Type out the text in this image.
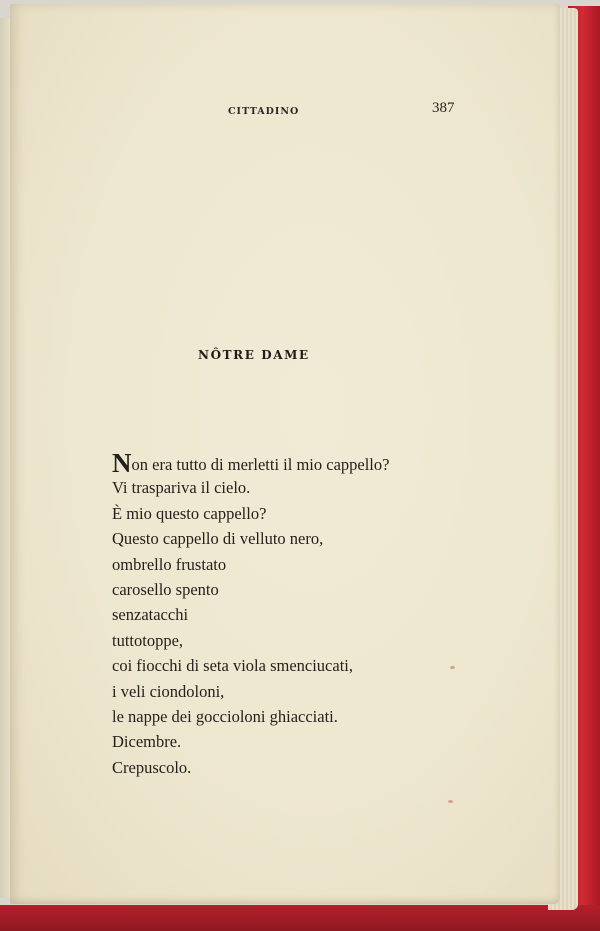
CITTADINO	387
NÔTRE DAME
Non era tutto di merletti il mio cappello?
Vi traspariva il cielo.
È mio questo cappello?
Questo cappello di velluto nero,
ombrello frustato
carosello spento
senzatacchi
tuttotoppe,
coi fiocchi di seta viola smenciucati,
i veli ciondoloni,
le nappe dei goccioloni ghiacciati.
Dicembre.
Crepuscolo.
